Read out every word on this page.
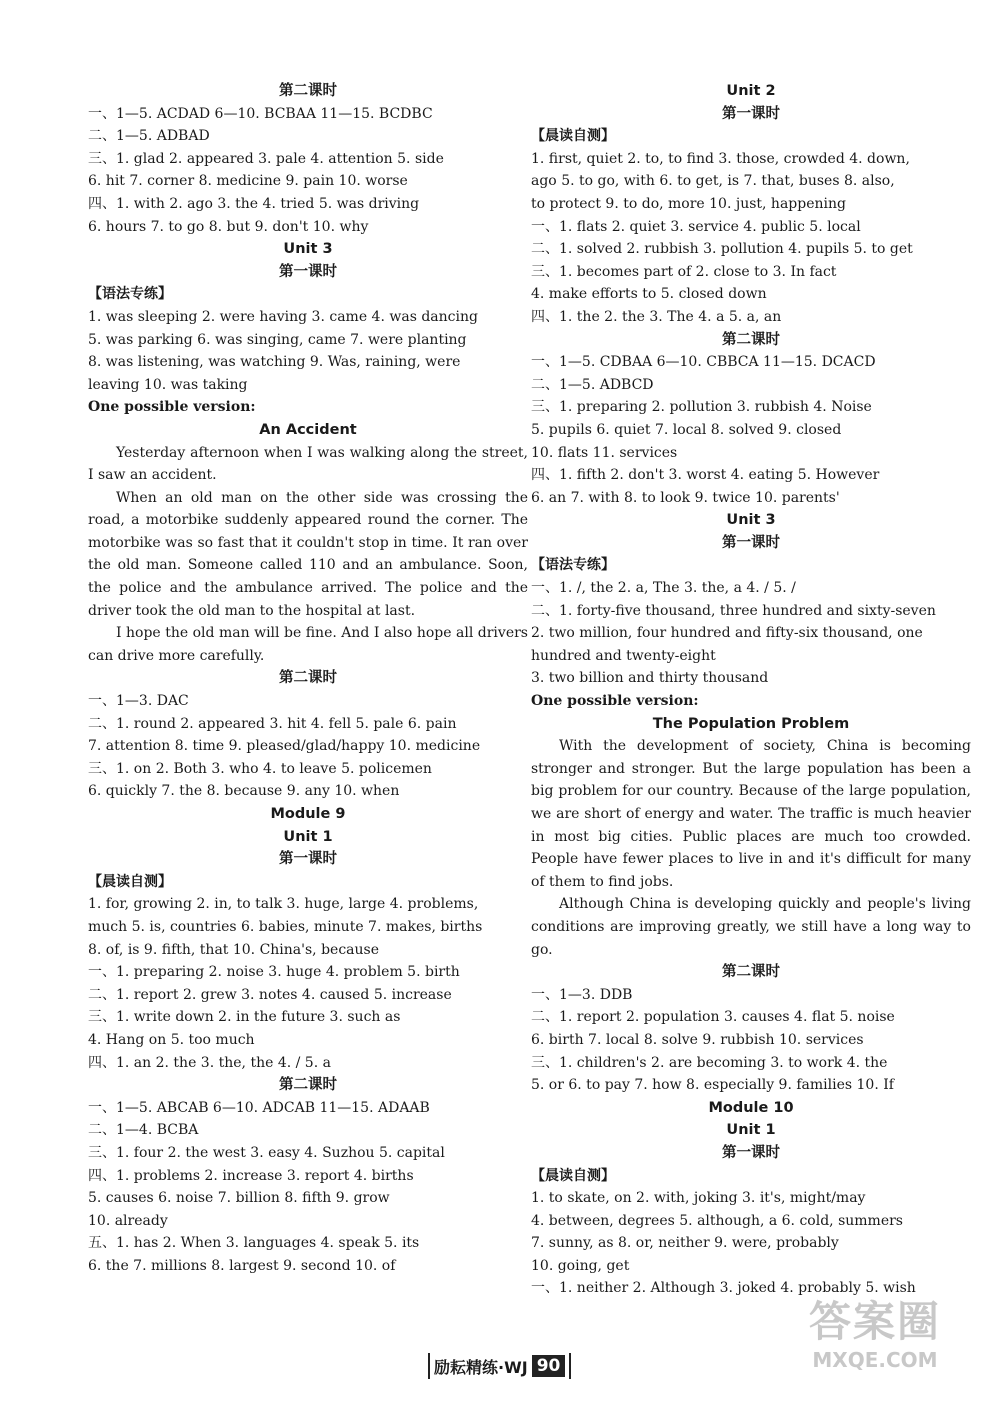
第二课时
一、1—5. ACDAD 6—10. BCBAA 11—15. BCDBC
二、1—5. ADBAD
三、1. glad 2. appeared 3. pale 4. attention 5. side
6. hit 7. corner 8. medicine 9. pain 10. worse
四、1. with 2. ago 3. the 4. tried 5. was driving
6. hours 7. to go 8. but 9. don't 10. why
Unit 3
第一课时
【语法专练】
1. was sleeping 2. were having 3. came 4. was dancing
5. was parking 6. was singing, came 7. were planting
8. was listening, was watching 9. Was, raining, were
leaving 10. was taking
One possible version:
An Accident
Yesterday afternoon when I was walking along the street, I saw an accident.
When an old man on the other side was crossing the road, a motorbike suddenly appeared round the corner. The motorbike was so fast that it couldn't stop in time. It ran over the old man. Someone called 110 and an ambulance. Soon, the police and the ambulance arrived. The police and the driver took the old man to the hospital at last.
I hope the old man will be fine. And I also hope all drivers can drive more carefully.
第二课时
一、1—3. DAC
二、1. round 2. appeared 3. hit 4. fell 5. pale 6. pain
7. attention 8. time 9. pleased/glad/happy 10. medicine
三、1. on 2. Both 3. who 4. to leave 5. policemen
6. quickly 7. the 8. because 9. any 10. when
Module 9
Unit 1
第一课时
【晨读自测】
1. for, growing 2. in, to talk 3. huge, large 4. problems,
much 5. is, countries 6. babies, minute 7. makes, births
8. of, is 9. fifth, that 10. China's, because
一、1. preparing 2. noise 3. huge 4. problem 5. birth
二、1. report 2. grew 3. notes 4. caused 5. increase
三、1. write down 2. in the future 3. such as
4. Hang on 5. too much
四、1. an 2. the 3. the, the 4. / 5. a
第二课时
一、1—5. ABCAB 6—10. ADCAB 11—15. ADAAB
二、1—4. BCBA
三、1. four 2. the west 3. easy 4. Suzhou 5. capital
四、1. problems 2. increase 3. report 4. births
5. causes 6. noise 7. billion 8. fifth 9. grow
10. already
五、1. has 2. When 3. languages 4. speak 5. its
6. the 7. millions 8. largest 9. second 10. of
Unit 2
第一课时
【晨读自测】
1. first, quiet 2. to, to find 3. those, crowded 4. down,
ago 5. to go, with 6. to get, is 7. that, buses 8. also,
to protect 9. to do, more 10. just, happening
一、1. flats 2. quiet 3. service 4. public 5. local
二、1. solved 2. rubbish 3. pollution 4. pupils 5. to get
三、1. becomes part of 2. close to 3. In fact
4. make efforts to 5. closed down
四、1. the 2. the 3. The 4. a 5. a, an
第二课时
一、1—5. CDBAA 6—10. CBBCA 11—15. DCACD
二、1—5. ADBCD
三、1. preparing 2. pollution 3. rubbish 4. Noise
5. pupils 6. quiet 7. local 8. solved 9. closed
10. flats 11. services
四、1. fifth 2. don't 3. worst 4. eating 5. However
6. an 7. with 8. to look 9. twice 10. parents'
Unit 3
第一课时
【语法专练】
一、1. /, the 2. a, The 3. the, a 4. / 5. /
二、1. forty-five thousand, three hundred and sixty-seven
2. two million, four hundred and fifty-six thousand, one
hundred and twenty-eight
3. two billion and thirty thousand
One possible version:
The Population Problem
With the development of society, China is becoming stronger and stronger. But the large population has been a big problem for our country. Because of the large population, we are short of energy and water. The traffic is much heavier in most big cities. Public places are much too crowded. People have fewer places to live in and it's difficult for many of them to find jobs.
Although China is developing quickly and people's living conditions are improving greatly, we still have a long way to go.
第二课时
一、1—3. DDB
二、1. report 2. population 3. causes 4. flat 5. noise
6. birth 7. local 8. solve 9. rubbish 10. services
三、1. children's 2. are becoming 3. to work 4. the
5. or 6. to pay 7. how 8. especially 9. families 10. If
Module 10
Unit 1
第一课时
【晨读自测】
1. to skate, on 2. with, joking 3. it's, might/may
4. between, degrees 5. although, a 6. cold, summers
7. sunny, as 8. or, neither 9. were, probably
10. going, get
一、1. neither 2. Although 3. joked 4. probably 5. wish
励耘精练·WJ 90
答案圈
MXQE.COM
